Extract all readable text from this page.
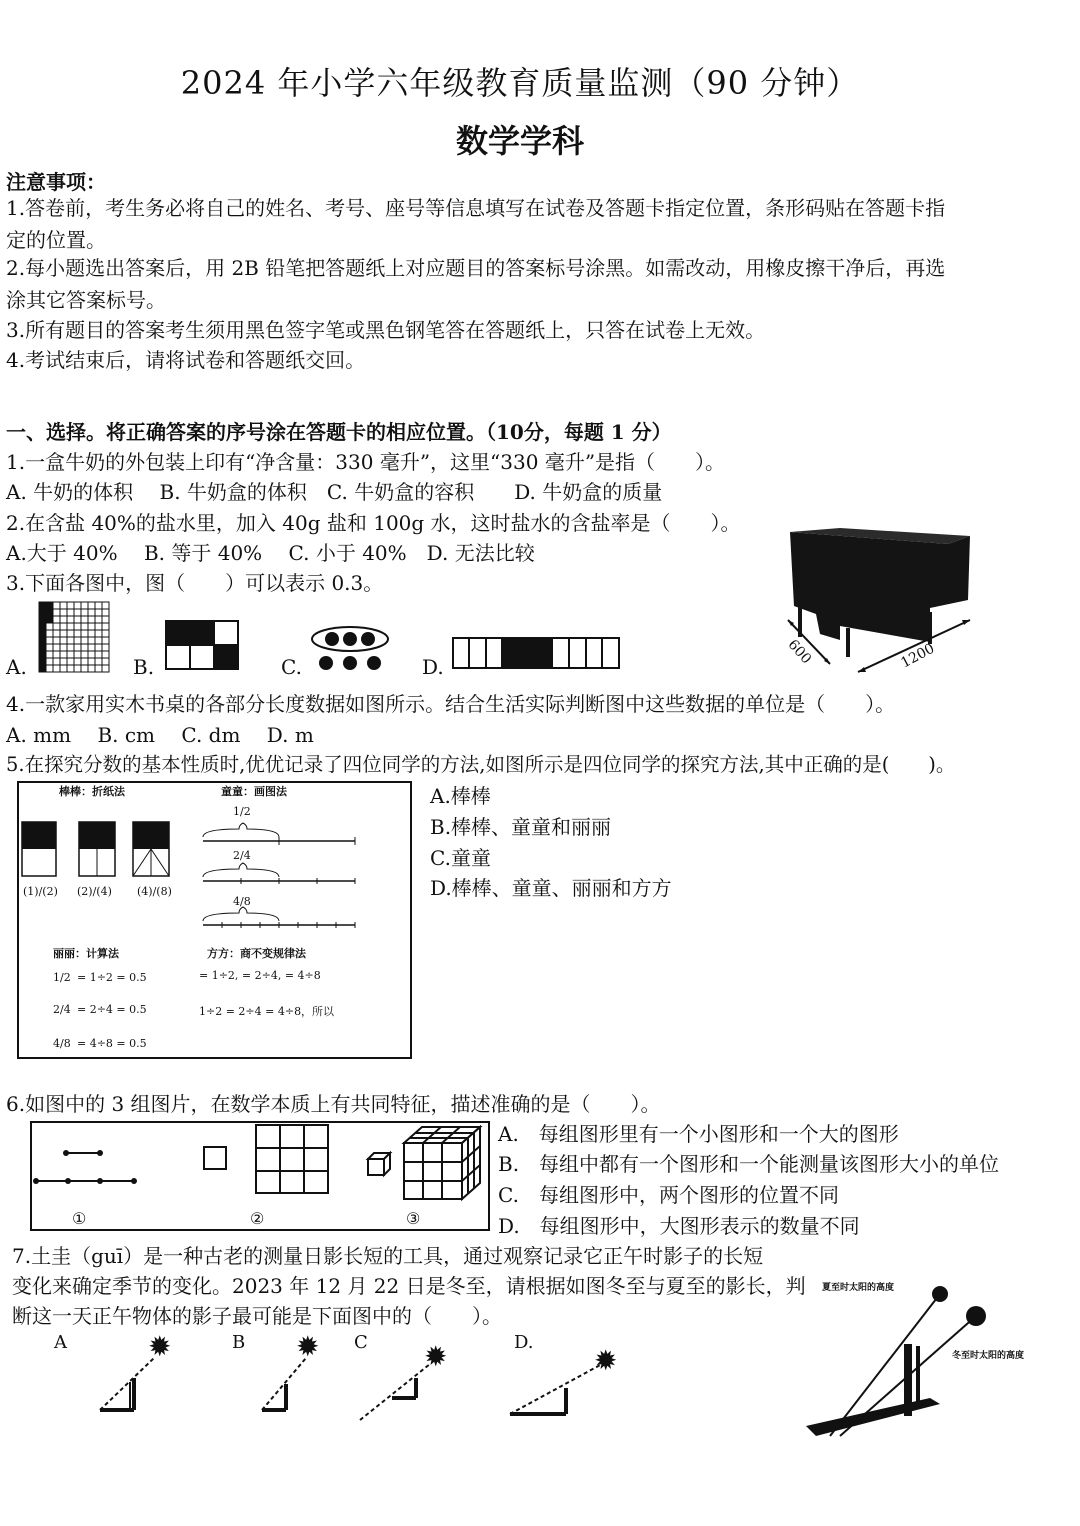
2024 年小学六年级教育质量监测（90 分钟）
数学学科
注意事项：
1.答卷前，考生务必将自己的姓名、考号、座号等信息填写在试卷及答题卡指定位置，条形码贴在答题卡指
定的位置。
2.每小题选出答案后，用 2B 铅笔把答题纸上对应题目的答案标号涂黑。如需改动，用橡皮擦干净后，再选
涂其它答案标号。
3.所有题目的答案考生须用黑色签字笔或黑色钢笔答在答题纸上，只答在试卷上无效。
4.考试结束后，请将试卷和答题纸交回。
一、选择。将正确答案的序号涂在答题卡的相应位置。（10分，每题 1 分）
1.一盒牛奶的外包装上印有“净含量：330 毫升”，这里“330 毫升”是指（　　）。
A. 牛奶的体积　 B. 牛奶盒的体积　C. 牛奶盒的容积　　D. 牛奶盒的质量
2.在含盐 40%的盐水里，加入 40g 盐和 100g 水，这时盐水的含盐率是（　　）。
A.大于 40%　 B. 等于 40%　 C. 小于 40%　D. 无法比较
3.下面各图中，图（　　）可以表示 0.3。
A.	B.	C.	D.	600	1200
4.一款家用实木书桌的各部分长度数据如图所示。结合生活实际判断图中这些数据的单位是（　　）。
A. mm　 B. cm　 C. dm　 D. m
5.在探究分数的基本性质时,优优记录了四位同学的方法,如图所示是四位同学的探究方法,其中正确的是(　　)。
棒棒：折纸法	童童：画图法
(1)/(2) (2)/(4) (4)/(8)
1/2
2/4
4/8
丽丽：计算法	方方：商不变规律法
1/2 = 1÷2 = 0.5
2/4 = 2÷4 = 0.5
4/8 = 4÷8 = 0.5
= 1÷2, = 2÷4, = 4÷8
1÷2 = 2÷4 = 4÷8，所以
A.棒棒
B.棒棒、童童和丽丽
C.童童
D.棒棒、童童、丽丽和方方
6.如图中的 3 组图片，在数学本质上有共同特征，描述准确的是（　　）。
①	②	③
A.　每组图形里有一个小图形和一个大的图形
B.　每组中都有一个图形和一个能测量该图形大小的单位
C.　每组图形中，两个图形的位置不同
D.　每组图形中，大图形表示的数量不同
7.土圭（guī）是一种古老的测量日影长短的工具，通过观察记录它正午时影子的长短
变化来确定季节的变化。2023 年 12 月 22 日是冬至，请根据如图冬至与夏至的影长，判
断这一天正午物体的影子最可能是下面图中的（　　）。
A	B	C	D.
✹	✹	✹	✹
夏至时太阳的高度
冬至时太阳的高度
